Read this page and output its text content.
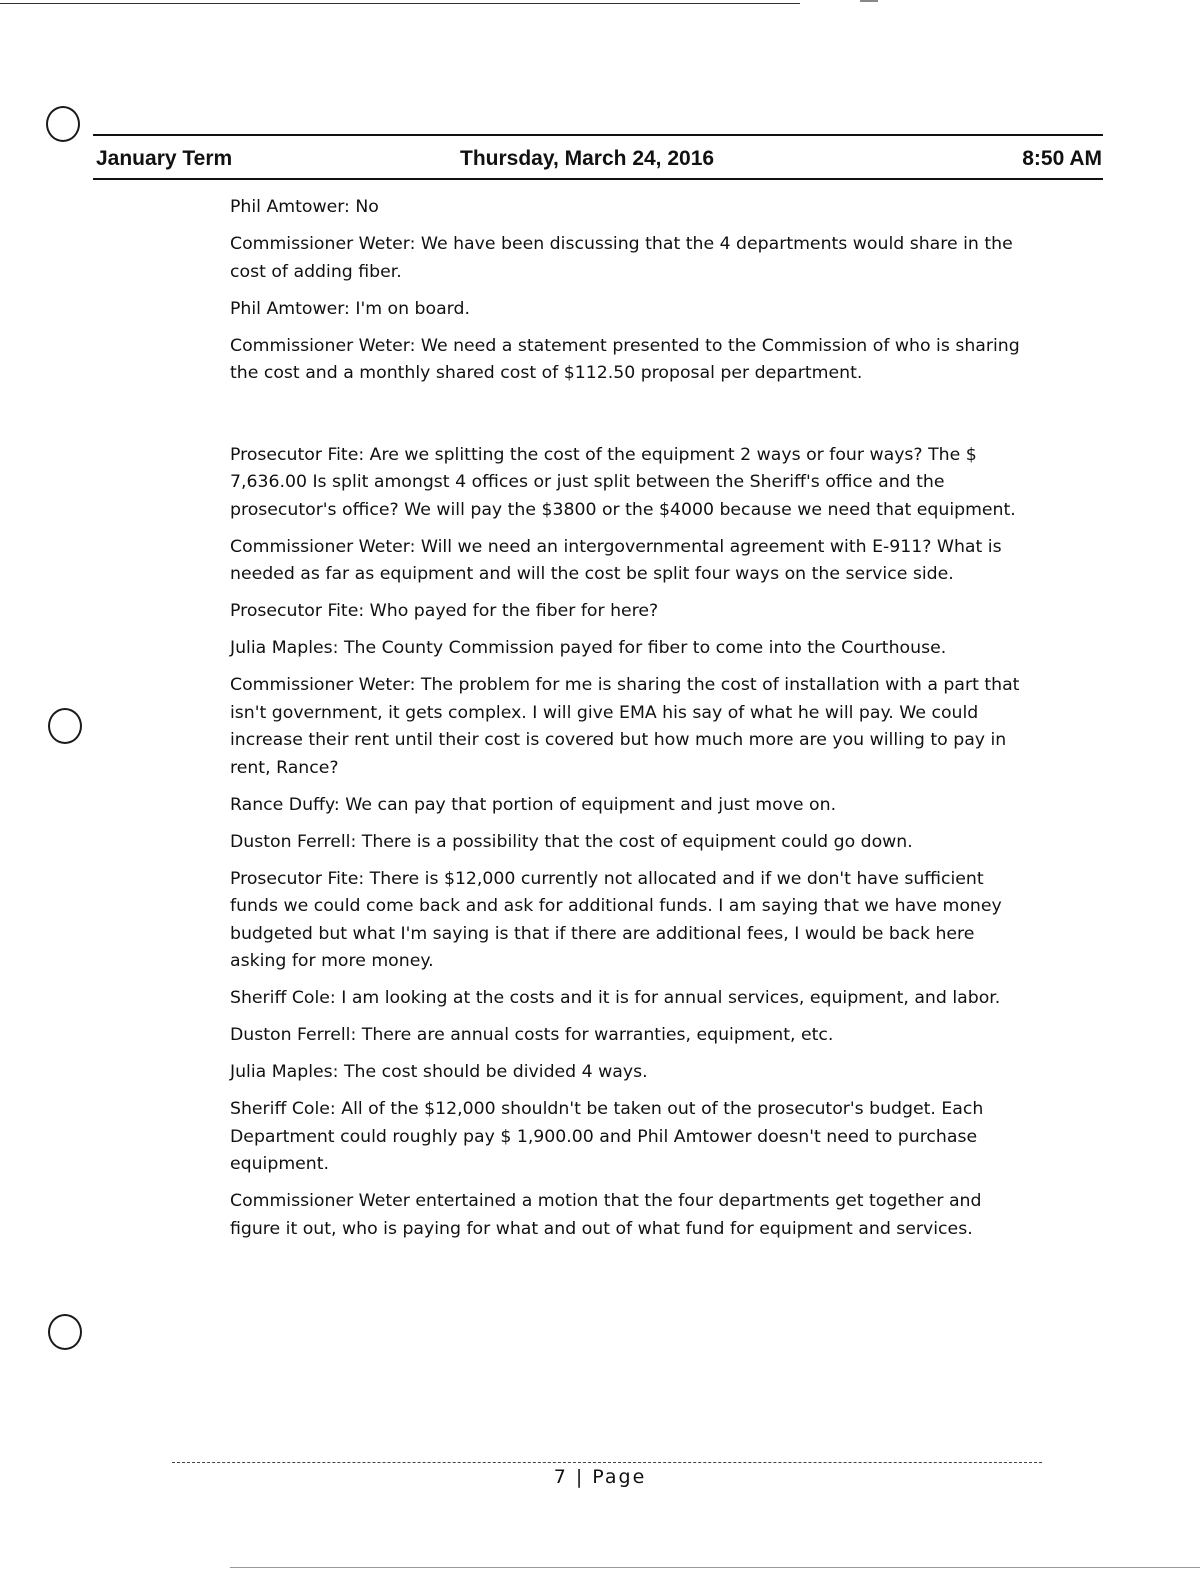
January Term	Thursday, March 24, 2016	8:50 AM

Phil Amtower: No

Commissioner Weter: We have been discussing that the 4 departments would share in the cost of adding fiber.

Phil Amtower: I'm on board.

Commissioner Weter: We need a statement presented to the Commission of who is sharing the cost and a monthly shared cost of $112.50 proposal per department.

Prosecutor Fite: Are we splitting the cost of the equipment 2 ways or four ways? The $ 7,636.00 Is split amongst 4 offices or just split between the Sheriff's office and the prosecutor's office? We will pay the $3800 or the $4000 because we need that equipment.

Commissioner Weter: Will we need an intergovernmental agreement with E-911? What is needed as far as equipment and will the cost be split four ways on the service side.

Prosecutor Fite: Who payed for the fiber for here?

Julia Maples: The County Commission payed for fiber to come into the Courthouse.

Commissioner Weter: The problem for me is sharing the cost of installation with a part that isn't government, it gets complex. I will give EMA his say of what he will pay. We could increase their rent until their cost is covered but how much more are you willing to pay in rent, Rance?

Rance Duffy: We can pay that portion of equipment and just move on.

Duston Ferrell: There is a possibility that the cost of equipment could go down.

Prosecutor Fite: There is $12,000 currently not allocated and if we don't have sufficient funds we could come back and ask for additional funds. I am saying that we have money budgeted but what I'm saying is that if there are additional fees, I would be back here asking for more money.

Sheriff Cole: I am looking at the costs and it is for annual services, equipment, and labor.

Duston Ferrell: There are annual costs for warranties, equipment, etc.

Julia Maples: The cost should be divided 4 ways.

Sheriff Cole: All of the $12,000 shouldn't be taken out of the prosecutor's budget. Each Department could roughly pay $ 1,900.00 and Phil Amtower doesn't need to purchase equipment.

Commissioner Weter entertained a motion that the four departments get together and figure it out, who is paying for what and out of what fund for equipment and services.

7 | Page
